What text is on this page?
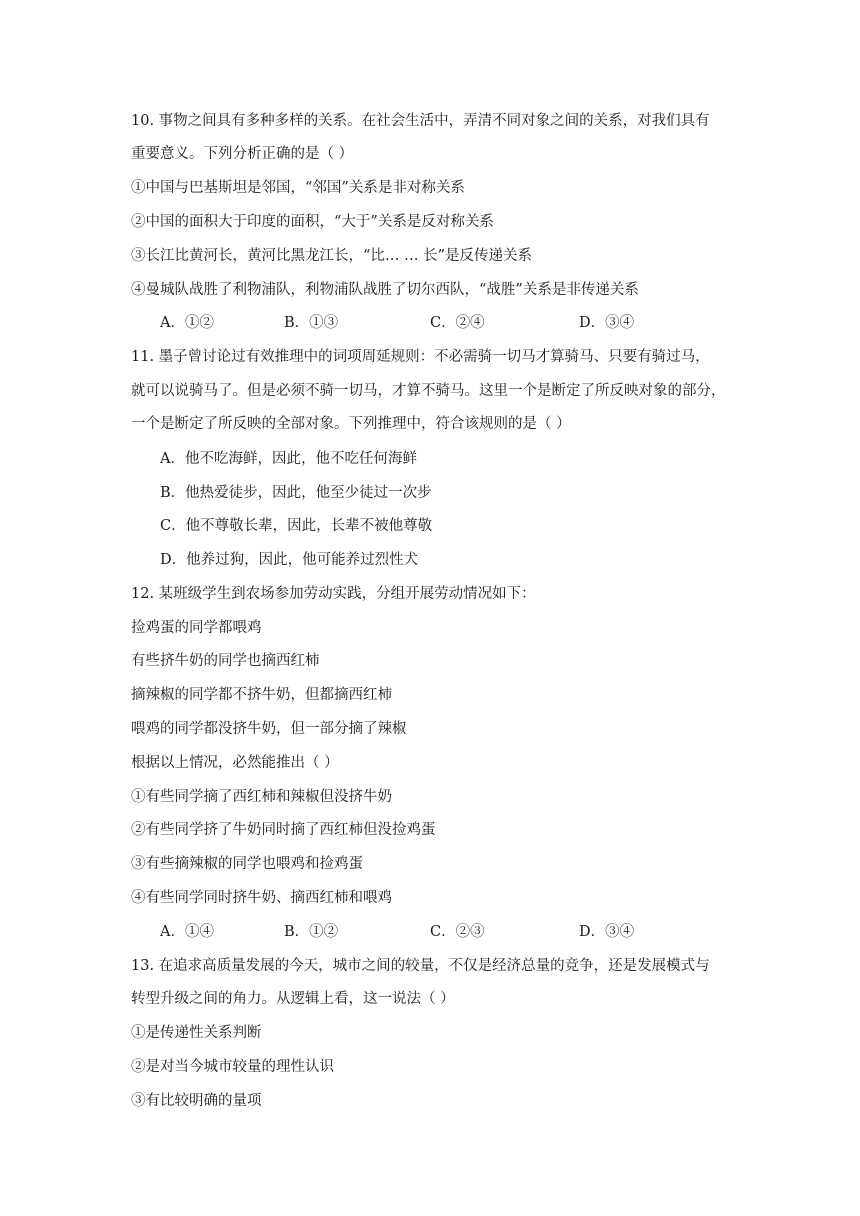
10. 事物之间具有多种多样的关系。在社会生活中，弄清不同对象之间的关系，对我们具有
重要意义。下列分析正确的是（ ）
①中国与巴基斯坦是邻国，“邻国”关系是非对称关系
②中国的面积大于印度的面积，“大于”关系是反对称关系
③长江比黄河长，黄河比黑龙江长，“比… … 长”是反传递关系
④曼城队战胜了利物浦队，利物浦队战胜了切尔西队，“战胜”关系是非传递关系
A．①②	B．①③	C．②④	D．③④
11. 墨子曾讨论过有效推理中的词项周延规则：不必需骑一切马才算骑马、只要有骑过马，
就可以说骑马了。但是必须不骑一切马，才算不骑马。这里一个是断定了所反映对象的部分，
一个是断定了所反映的全部对象。下列推理中，符合该规则的是（ ）
A．他不吃海鲜，因此，他不吃任何海鲜
B．他热爱徒步，因此，他至少徒过一次步
C．他不尊敬长辈，因此，长辈不被他尊敬
D．他养过狗，因此，他可能养过烈性犬
12. 某班级学生到农场参加劳动实践，分组开展劳动情况如下：
捡鸡蛋的同学都喂鸡
有些挤牛奶的同学也摘西红柿
摘辣椒的同学都不挤牛奶，但都摘西红柿
喂鸡的同学都没挤牛奶，但一部分摘了辣椒
根据以上情况，必然能推出（ ）
①有些同学摘了西红柿和辣椒但没挤牛奶
②有些同学挤了牛奶同时摘了西红柿但没捡鸡蛋
③有些摘辣椒的同学也喂鸡和捡鸡蛋
④有些同学同时挤牛奶、摘西红柿和喂鸡
A．①④	B．①②	C．②③	D．③④
13. 在追求高质量发展的今天，城市之间的较量，不仅是经济总量的竞争，还是发展模式与
转型升级之间的角力。从逻辑上看，这一说法（ ）
①是传递性关系判断
②是对当今城市较量的理性认识
③有比较明确的量项
